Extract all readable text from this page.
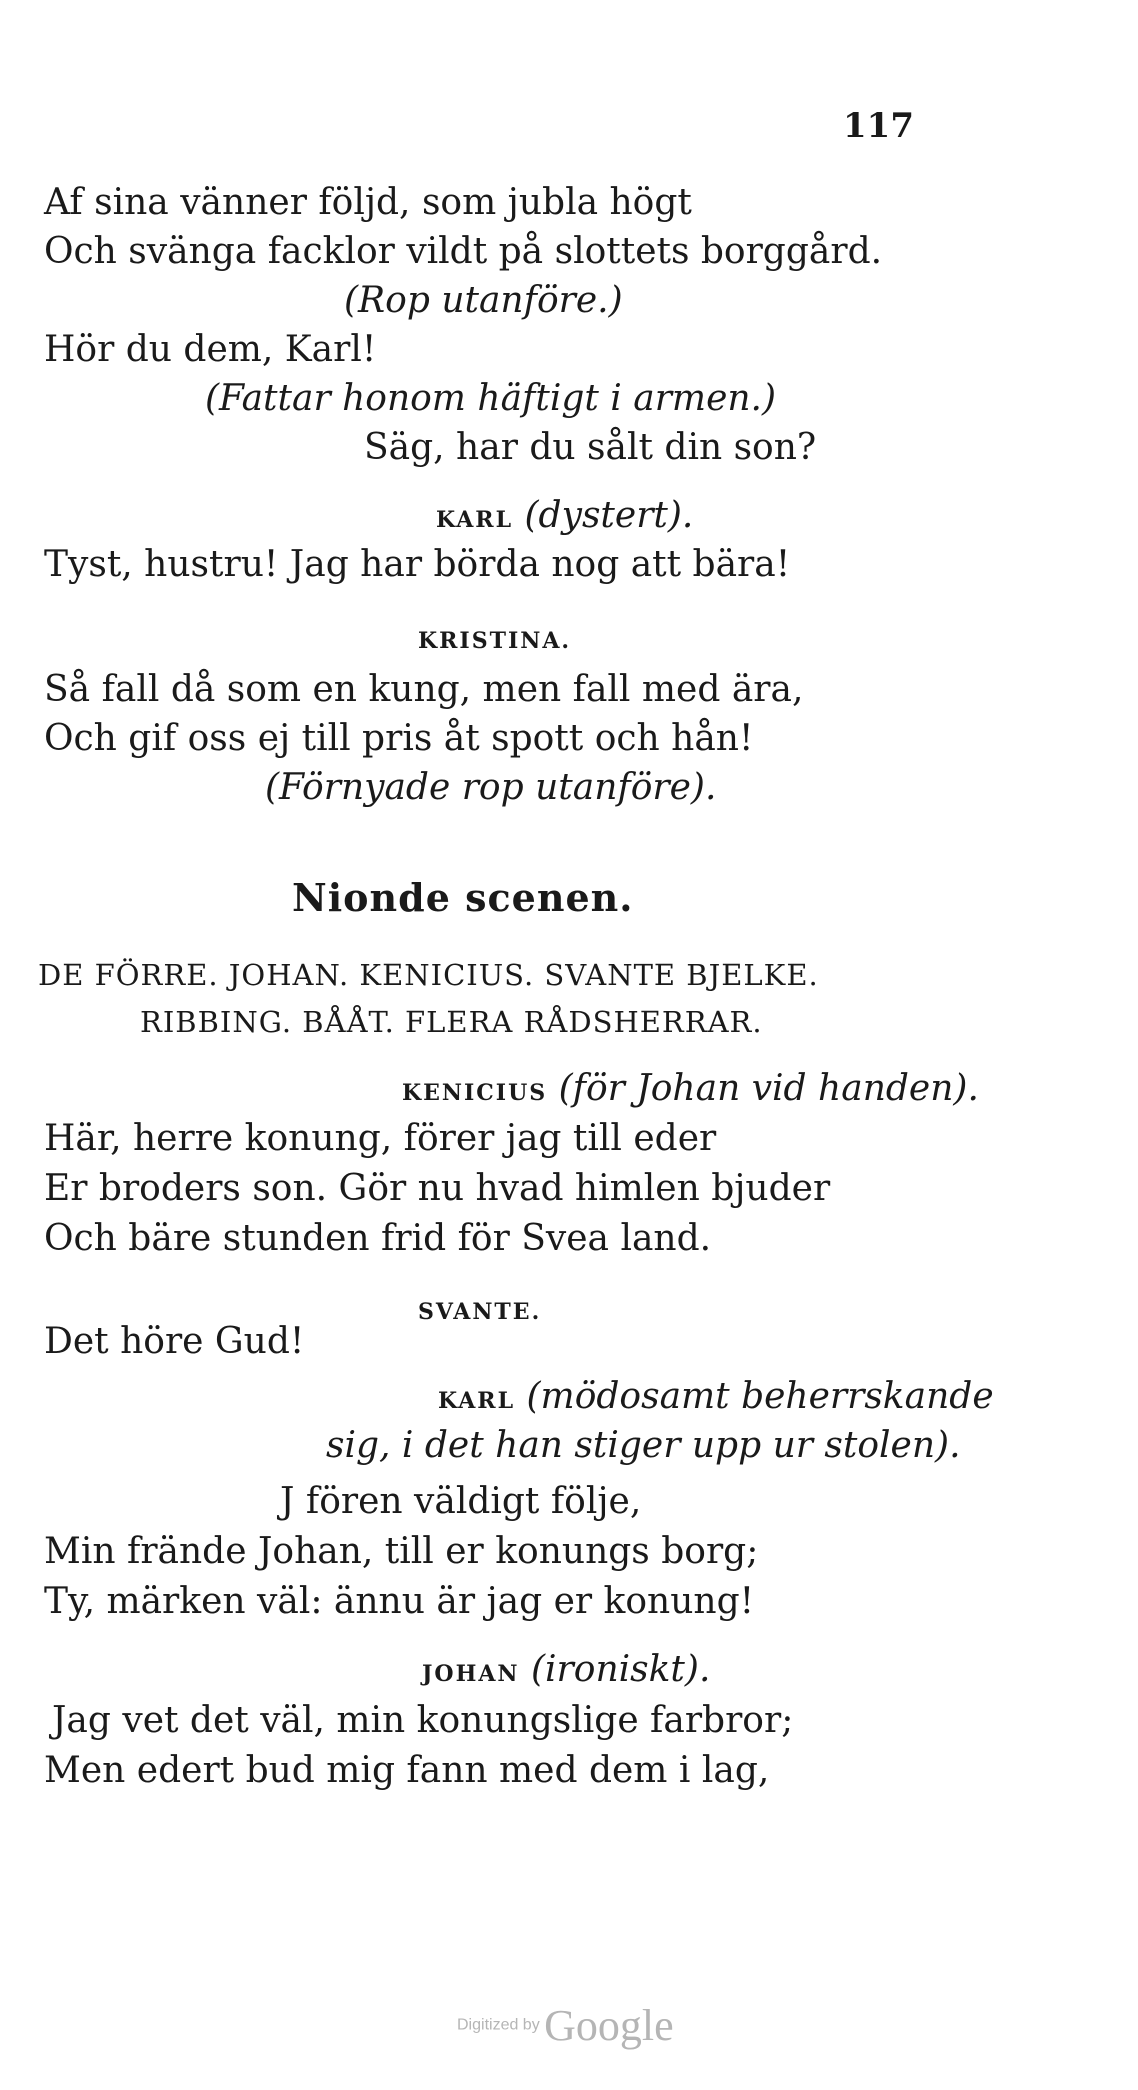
117
Af sina vänner följd, som jubla högt
Och svänga facklor vildt på slottets borggård.
(Rop utanföre.)
Hör du dem, Karl!
(Fattar honom häftigt i armen.)
Säg, har du sålt din son?
KARL (dystert).
Tyst, hustru! Jag har börda nog att bära!
KRISTINA.
Så fall då som en kung, men fall med ära,
Och gif oss ej till pris åt spott och hån!
(Förnyade rop utanföre).
Nionde scenen.
DE FÖRRE. JOHAN. KENICIUS. SVANTE BJELKE.
RIBBING. BÅÅT. FLERA RÅDSHERRAR.
KENICIUS (för Johan vid handen).
Här, herre konung, förer jag till eder
Er broders son. Gör nu hvad himlen bjuder
Och bäre stunden frid för Svea land.
SVANTE.
Det höre Gud!
KARL (mödosamt beherrskande
sig, i det han stiger upp ur stolen).
J fören väldigt följe,
Min frände Johan, till er konungs borg;
Ty, märken väl: ännu är jag er konung!
JOHAN (ironiskt).
Jag vet det väl, min konungslige farbror;
Men edert bud mig fann med dem i lag,
Digitized by Google
